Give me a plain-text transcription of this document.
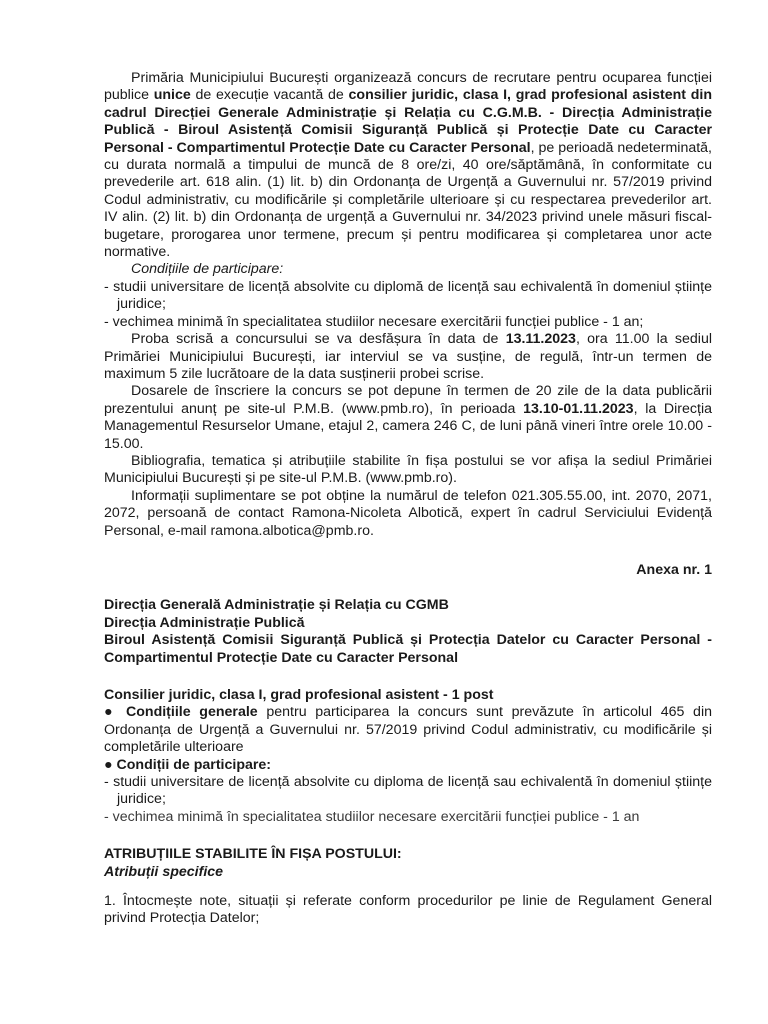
Primăria Municipiului București organizează concurs de recrutare pentru ocuparea funcției publice unice de execuție vacantă de consilier juridic, clasa I, grad profesional asistent din cadrul Direcției Generale Administrație și Relația cu C.G.M.B. - Direcția Administrație Publică - Biroul Asistență Comisii Siguranță Publică și Protecție Date cu Caracter Personal - Compartimentul Protecție Date cu Caracter Personal, pe perioadă nedeterminată, cu durata normală a timpului de muncă de 8 ore/zi, 40 ore/săptămână, în conformitate cu prevederile art. 618 alin. (1) lit. b) din Ordonanța de Urgență a Guvernului nr. 57/2019 privind Codul administrativ, cu modificările și completările ulterioare și cu respectarea prevederilor art. IV alin. (2) lit. b) din Ordonanța de urgență a Guvernului nr. 34/2023 privind unele măsuri fiscal-bugetare, prorogarea unor termene, precum și pentru modificarea și completarea unor acte normative.

Condițiile de participare:

- studii universitare de licență absolvite cu diplomă de licență sau echivalentă în domeniul științe juridice;

- vechimea minimă în specialitatea studiilor necesare exercitării funcției publice - 1 an;

Proba scrisă a concursului se va desfășura în data de 13.11.2023, ora 11.00 la sediul Primăriei Municipiului București, iar interviul se va susține, de regulă, într-un termen de maximum 5 zile lucrătoare de la data susținerii probei scrise.

Dosarele de înscriere la concurs se pot depune în termen de 20 zile de la data publicării prezentului anunț pe site-ul P.M.B. (www.pmb.ro), în perioada 13.10-01.11.2023, la Direcția Managementul Resurselor Umane, etajul 2, camera 246 C, de luni până vineri între orele 10.00 - 15.00.

Bibliografia, tematica și atribuțiile stabilite în fișa postului se vor afișa la sediul Primăriei Municipiului București și pe site-ul P.M.B. (www.pmb.ro).

Informații suplimentare se pot obține la numărul de telefon 021.305.55.00, int. 2070, 2071, 2072, persoană de contact Ramona-Nicoleta Albotică, expert în cadrul Serviciului Evidență Personal, e-mail ramona.albotica@pmb.ro.

Anexa nr. 1

Direcția Generală Administrație și Relația cu CGMB
Direcția Administrație Publică
Biroul Asistență Comisii Siguranță Publică și Protecția Datelor cu Caracter Personal - Compartimentul Protecție Date cu Caracter Personal

Consilier juridic, clasa I, grad profesional asistent - 1 post

● Condițiile generale pentru participarea la concurs sunt prevăzute în articolul 465 din Ordonanța de Urgență a Guvernului nr. 57/2019 privind Codul administrativ, cu modificările și completările ulterioare

● Condiții de participare:

- studii universitare de licență absolvite cu diploma de licență sau echivalentă în domeniul științe juridice;

- vechimea minimă în specialitatea studiilor necesare exercitării funcției publice - 1 an

ATRIBUȚIILE STABILITE ÎN FIȘA POSTULUI:

Atribuții specifice

1. Întocmește note, situații și referate conform procedurilor pe linie de Regulament General privind Protecția Datelor;
